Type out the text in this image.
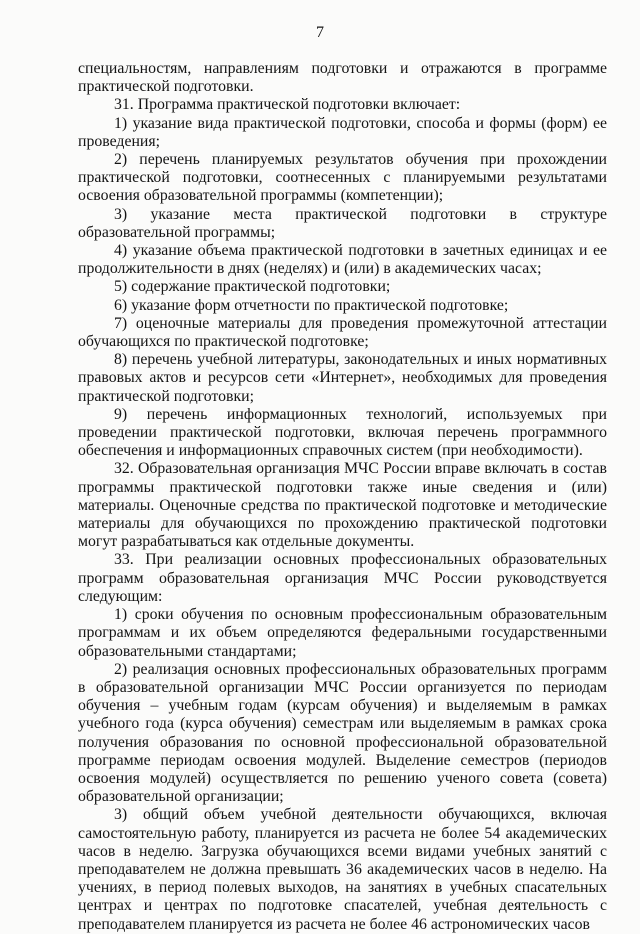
7

специальностям, направлениям подготовки и отражаются в программе практической подготовки.

31. Программа практической подготовки включает:

1) указание вида практической подготовки, способа и формы (форм) ее проведения;

2) перечень планируемых результатов обучения при прохождении практической подготовки, соотнесенных с планируемыми результатами освоения образовательной программы (компетенции);

3) указание места практической подготовки в структуре образовательной программы;

4) указание объема практической подготовки в зачетных единицах и ее продолжительности в днях (неделях) и (или) в академических часах;

5) содержание практической подготовки;

6) указание форм отчетности по практической подготовке;

7) оценочные материалы для проведения промежуточной аттестации обучающихся по практической подготовке;

8) перечень учебной литературы, законодательных и иных нормативных правовых актов и ресурсов сети «Интернет», необходимых для проведения практической подготовки;

9) перечень информационных технологий, используемых при проведении практической подготовки, включая перечень программного обеспечения и информационных справочных систем (при необходимости).

32. Образовательная организация МЧС России вправе включать в состав программы практической подготовки также иные сведения и (или) материалы. Оценочные средства по практической подготовке и методические материалы для обучающихся по прохождению практической подготовки могут разрабатываться как отдельные документы.

33. При реализации основных профессиональных образовательных программ образовательная организация МЧС России руководствуется следующим:

1) сроки обучения по основным профессиональным образовательным программам и их объем определяются федеральными государственными образовательными стандартами;

2) реализация основных профессиональных образовательных программ в образовательной организации МЧС России организуется по периодам обучения – учебным годам (курсам обучения) и выделяемым в рамках учебного года (курса обучения) семестрам или выделяемым в рамках срока получения образования по основной профессиональной образовательной программе периодам освоения модулей. Выделение семестров (периодов освоения модулей) осуществляется по решению ученого совета (совета) образовательной организации;

3) общий объем учебной деятельности обучающихся, включая самостоятельную работу, планируется из расчета не более 54 академических часов в неделю. Загрузка обучающихся всеми видами учебных занятий с преподавателем не должна превышать 36 академических часов в неделю. На учениях, в период полевых выходов, на занятиях в учебных спасательных центрах и центрах по подготовке спасателей, учебная деятельность с преподавателем планируется из расчета не более 46 астрономических часов
